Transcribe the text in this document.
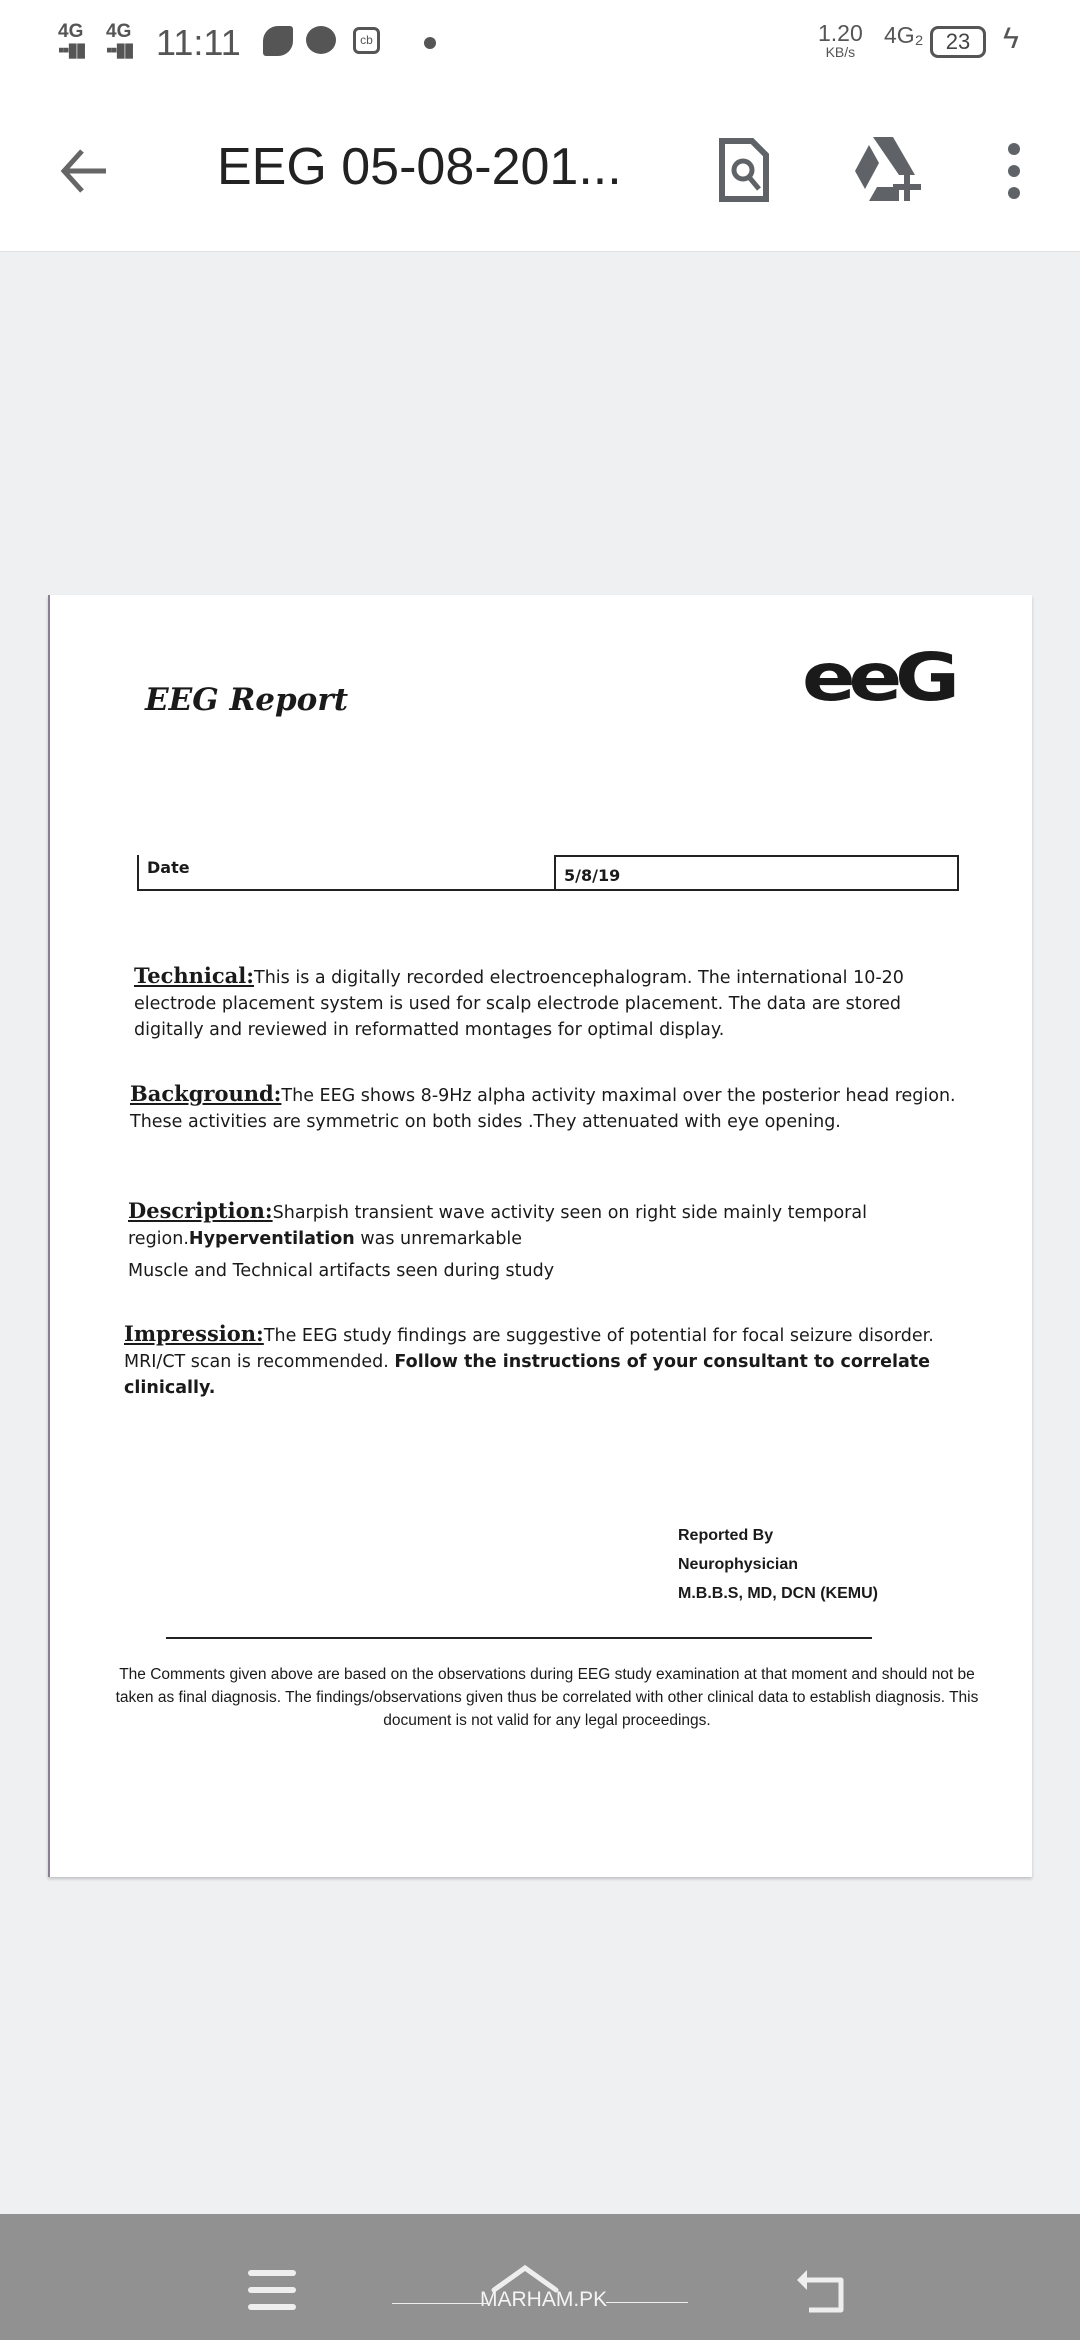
4G
▪▪▮▮
4G
▪▪▮▮ 11:11	cb	1.20
KB/s
4G₂	23	ϟ
EEG 05-08-201...
EEG Report	eeG
Date	5/8/19
Technical:This is a digitally recorded electroencephalogram. The international 10-20 electrode placement system is used for scalp electrode placement. The data are stored digitally and reviewed in reformatted montages for optimal display.
Background:The EEG shows 8-9Hz alpha activity maximal over the posterior head region. These activities are symmetric on both sides .They attenuated with eye opening.
Description:Sharpish transient wave activity seen on right side mainly temporal region.Hyperventilation was unremarkable
Muscle and Technical artifacts seen during study
Impression:The EEG study findings are suggestive of potential for focal seizure disorder. MRI/CT scan is recommended. Follow the instructions of your consultant to correlate clinically.
Reported By
Neurophysician
M.B.B.S, MD, DCN (KEMU)
The Comments given above are based on the observations during EEG study examination at that moment and should not be taken as final diagnosis. The findings/observations given thus be correlated with other clinical data to establish diagnosis. This document is not valid for any legal proceedings.
MARHAM.PK
